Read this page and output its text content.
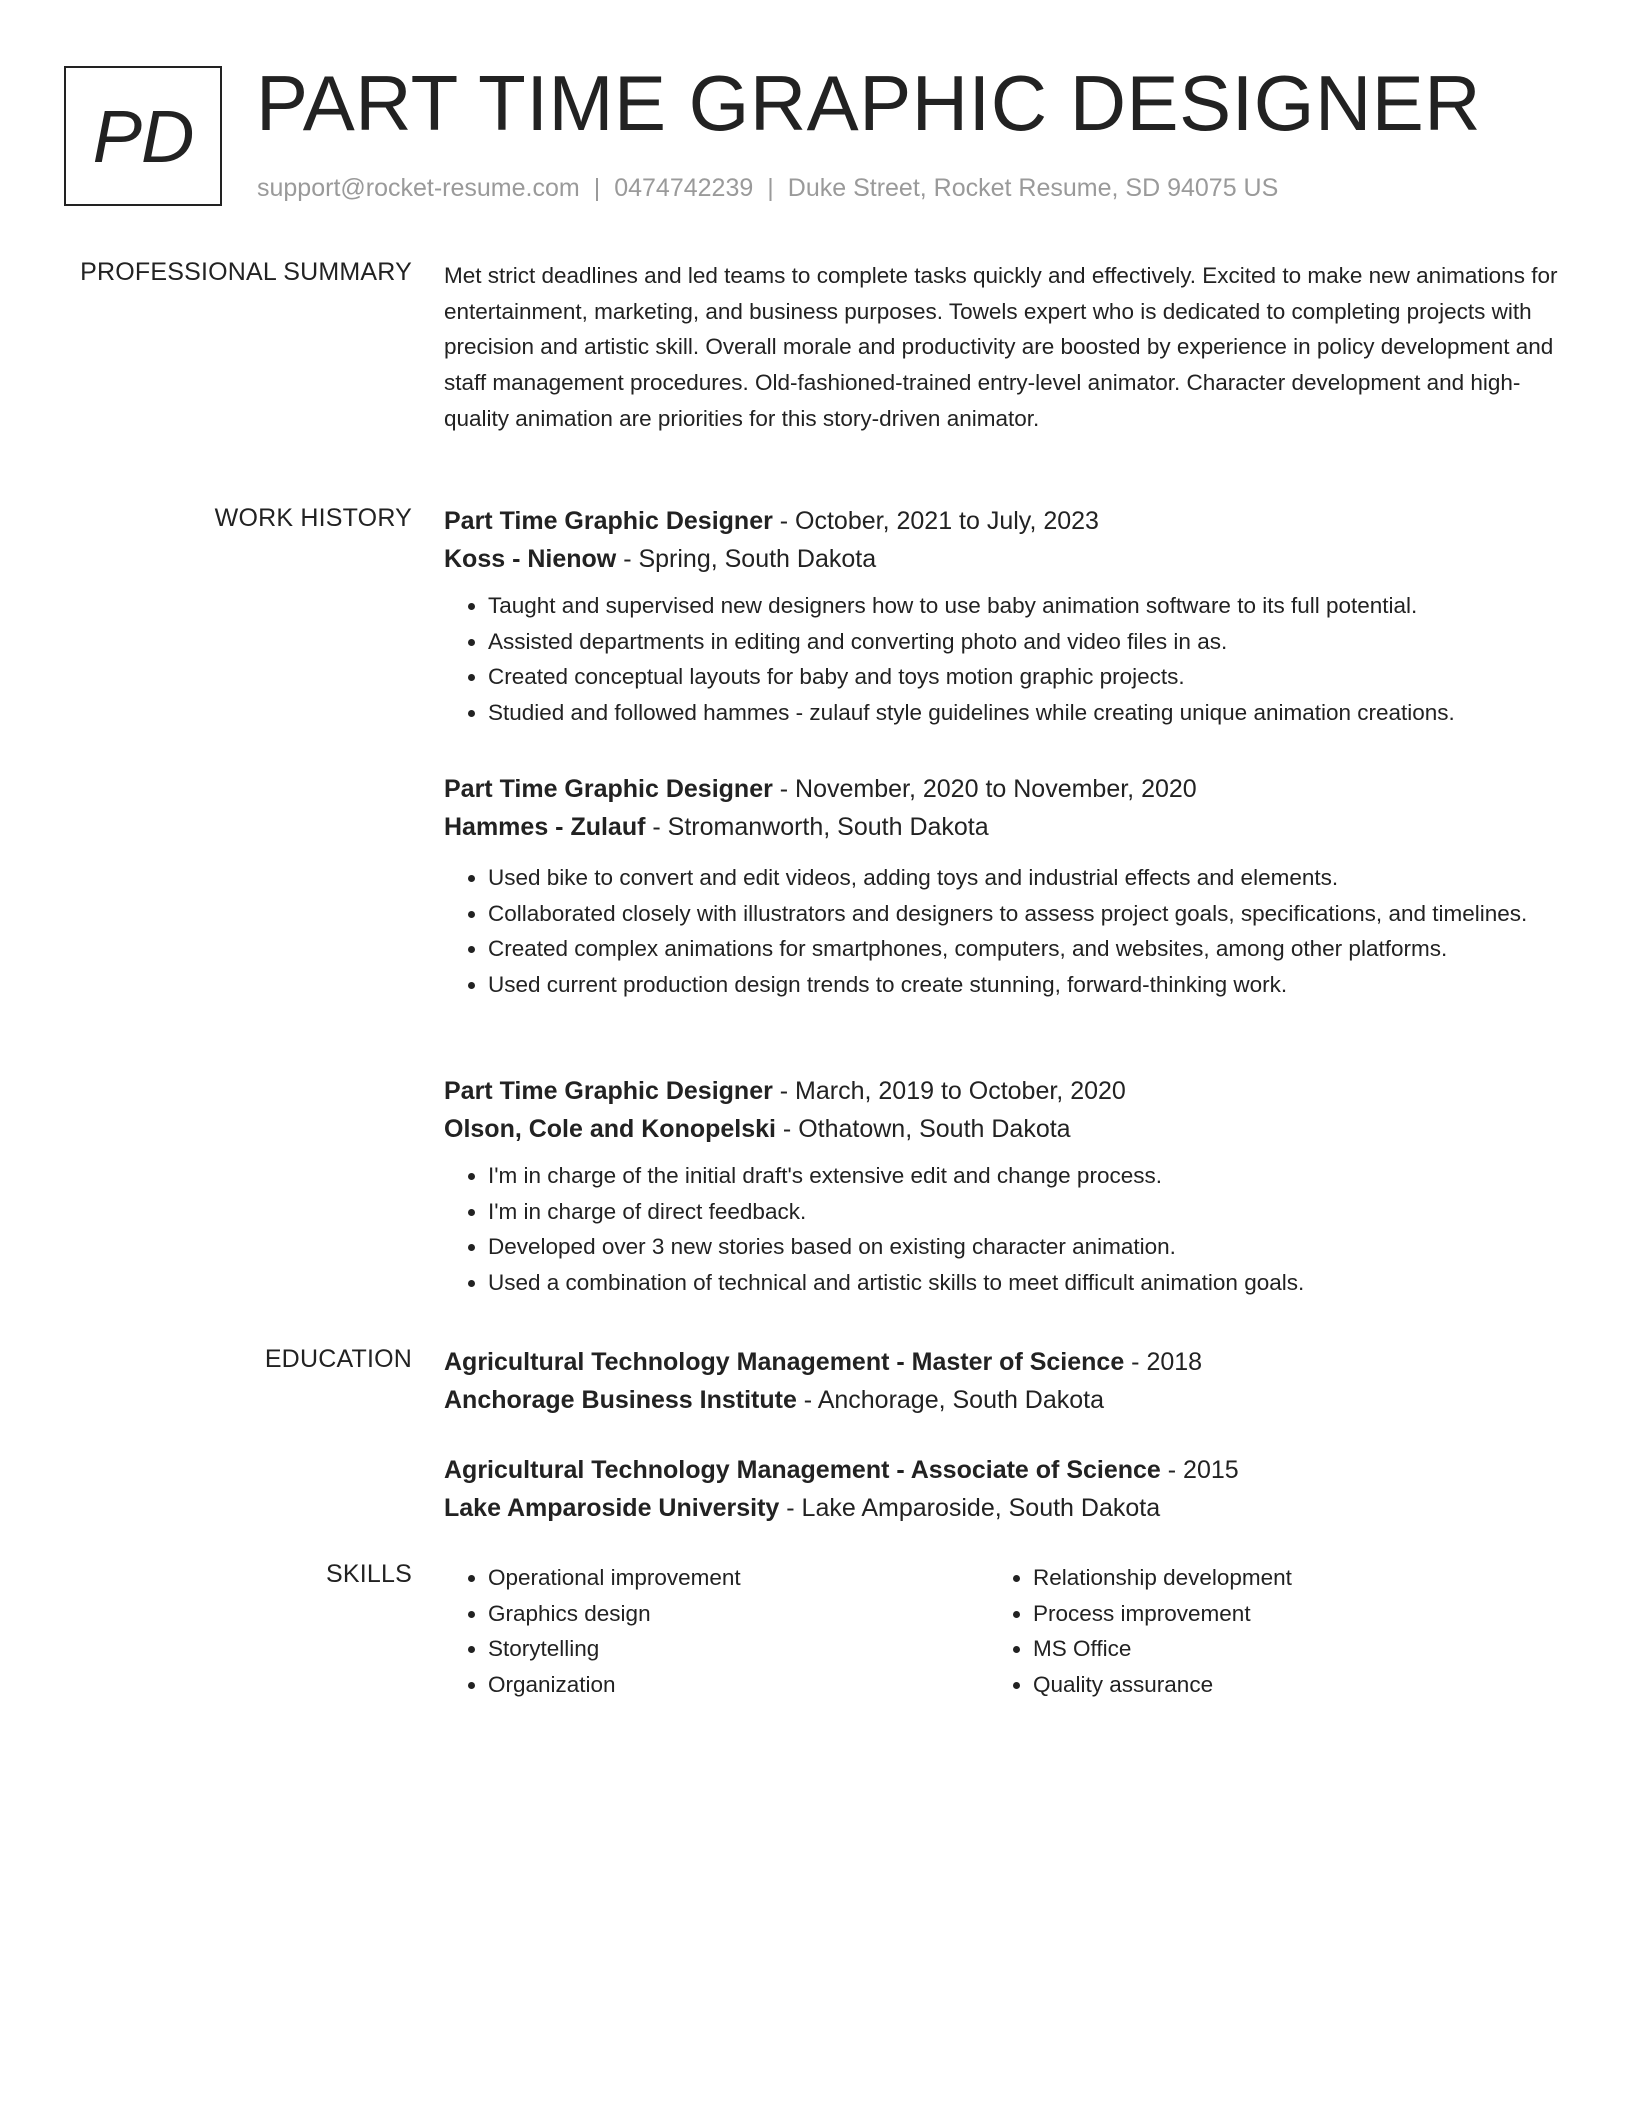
PD PART TIME GRAPHIC DESIGNER
support@rocket-resume.com | 0474742239 | Duke Street, Rocket Resume, SD 94075 US
PROFESSIONAL SUMMARY Met strict deadlines and led teams to complete tasks quickly and effectively. Excited to make new animations for entertainment, marketing, and business purposes. Towels expert who is dedicated to completing projects with precision and artistic skill. Overall morale and productivity are boosted by experience in policy development and staff management procedures. Old-fashioned-trained entry-level animator. Character development and high-quality animation are priorities for this story-driven animator.

WORK HISTORY Part Time Graphic Designer - October, 2021 to July, 2023
Koss - Nienow - Spring, South Dakota
• Taught and supervised new designers how to use baby animation software to its full potential.
• Assisted departments in editing and converting photo and video files in as.
• Created conceptual layouts for baby and toys motion graphic projects.
• Studied and followed hammes - zulauf style guidelines while creating unique animation creations.
Part Time Graphic Designer - November, 2020 to November, 2020
Hammes - Zulauf - Stromanworth, South Dakota
• Used bike to convert and edit videos, adding toys and industrial effects and elements.
• Collaborated closely with illustrators and designers to assess project goals, specifications, and timelines.
• Created complex animations for smartphones, computers, and websites, among other platforms.
• Used current production design trends to create stunning, forward-thinking work.
Part Time Graphic Designer - March, 2019 to October, 2020
Olson, Cole and Konopelski - Othatown, South Dakota
• I'm in charge of the initial draft's extensive edit and change process.
• I'm in charge of direct feedback.
• Developed over 3 new stories based on existing character animation.
• Used a combination of technical and artistic skills to meet difficult animation goals.
EDUCATION Agricultural Technology Management - Master of Science - 2018
Anchorage Business Institute - Anchorage, South Dakota
Agricultural Technology Management - Associate of Science - 2015
Lake Amparoside University - Lake Amparoside, South Dakota
SKILLS
•	Operational improvement
• Graphics design
• Storytelling
• Organization
• Relationship development
• Process improvement
• MS Office
• Quality assurance
